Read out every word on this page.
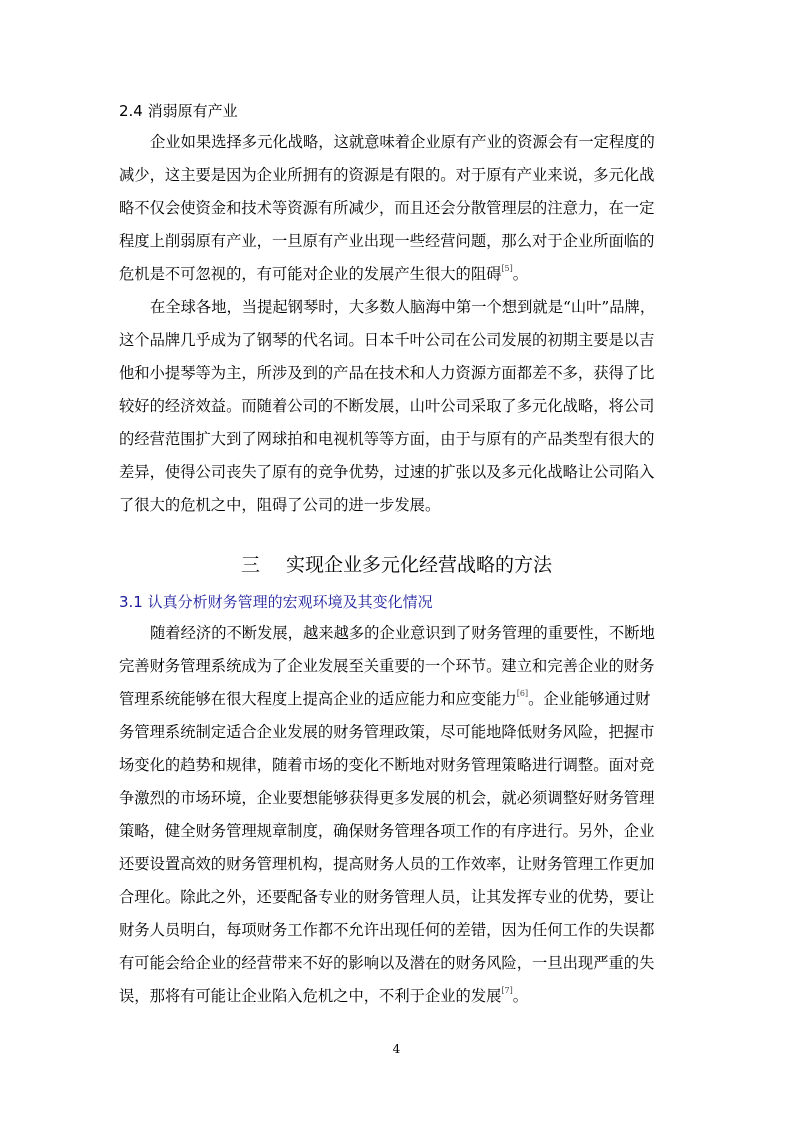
2.4 消弱原有产业
企业如果选择多元化战略，这就意味着企业原有产业的资源会有一定程度的
减少，这主要是因为企业所拥有的资源是有限的。对于原有产业来说，多元化战
略不仅会使资金和技术等资源有所减少，而且还会分散管理层的注意力，在一定
程度上削弱原有产业，一旦原有产业出现一些经营问题，那么对于企业所面临的
危机是不可忽视的，有可能对企业的发展产生很大的阻碍[5]。
在全球各地，当提起钢琴时，大多数人脑海中第一个想到就是“山叶”品牌，
这个品牌几乎成为了钢琴的代名词。日本千叶公司在公司发展的初期主要是以吉
他和小提琴等为主，所涉及到的产品在技术和人力资源方面都差不多，获得了比
较好的经济效益。而随着公司的不断发展，山叶公司采取了多元化战略，将公司
的经营范围扩大到了网球拍和电视机等等方面，由于与原有的产品类型有很大的
差异，使得公司丧失了原有的竞争优势，过速的扩张以及多元化战略让公司陷入
了很大的危机之中，阻碍了公司的进一步发展。
三 实现企业多元化经营战略的方法
3.1 认真分析财务管理的宏观环境及其变化情况
随着经济的不断发展，越来越多的企业意识到了财务管理的重要性，不断地
完善财务管理系统成为了企业发展至关重要的一个环节。建立和完善企业的财务
管理系统能够在很大程度上提高企业的适应能力和应变能力[6]。企业能够通过财
务管理系统制定适合企业发展的财务管理政策，尽可能地降低财务风险，把握市
场变化的趋势和规律，随着市场的变化不断地对财务管理策略进行调整。面对竞
争激烈的市场环境，企业要想能够获得更多发展的机会，就必须调整好财务管理
策略，健全财务管理规章制度，确保财务管理各项工作的有序进行。另外，企业
还要设置高效的财务管理机构，提高财务人员的工作效率，让财务管理工作更加
合理化。除此之外，还要配备专业的财务管理人员，让其发挥专业的优势，要让
财务人员明白，每项财务工作都不允许出现任何的差错，因为任何工作的失误都
有可能会给企业的经营带来不好的影响以及潜在的财务风险，一旦出现严重的失
误，那将有可能让企业陷入危机之中，不利于企业的发展[7]。
4
